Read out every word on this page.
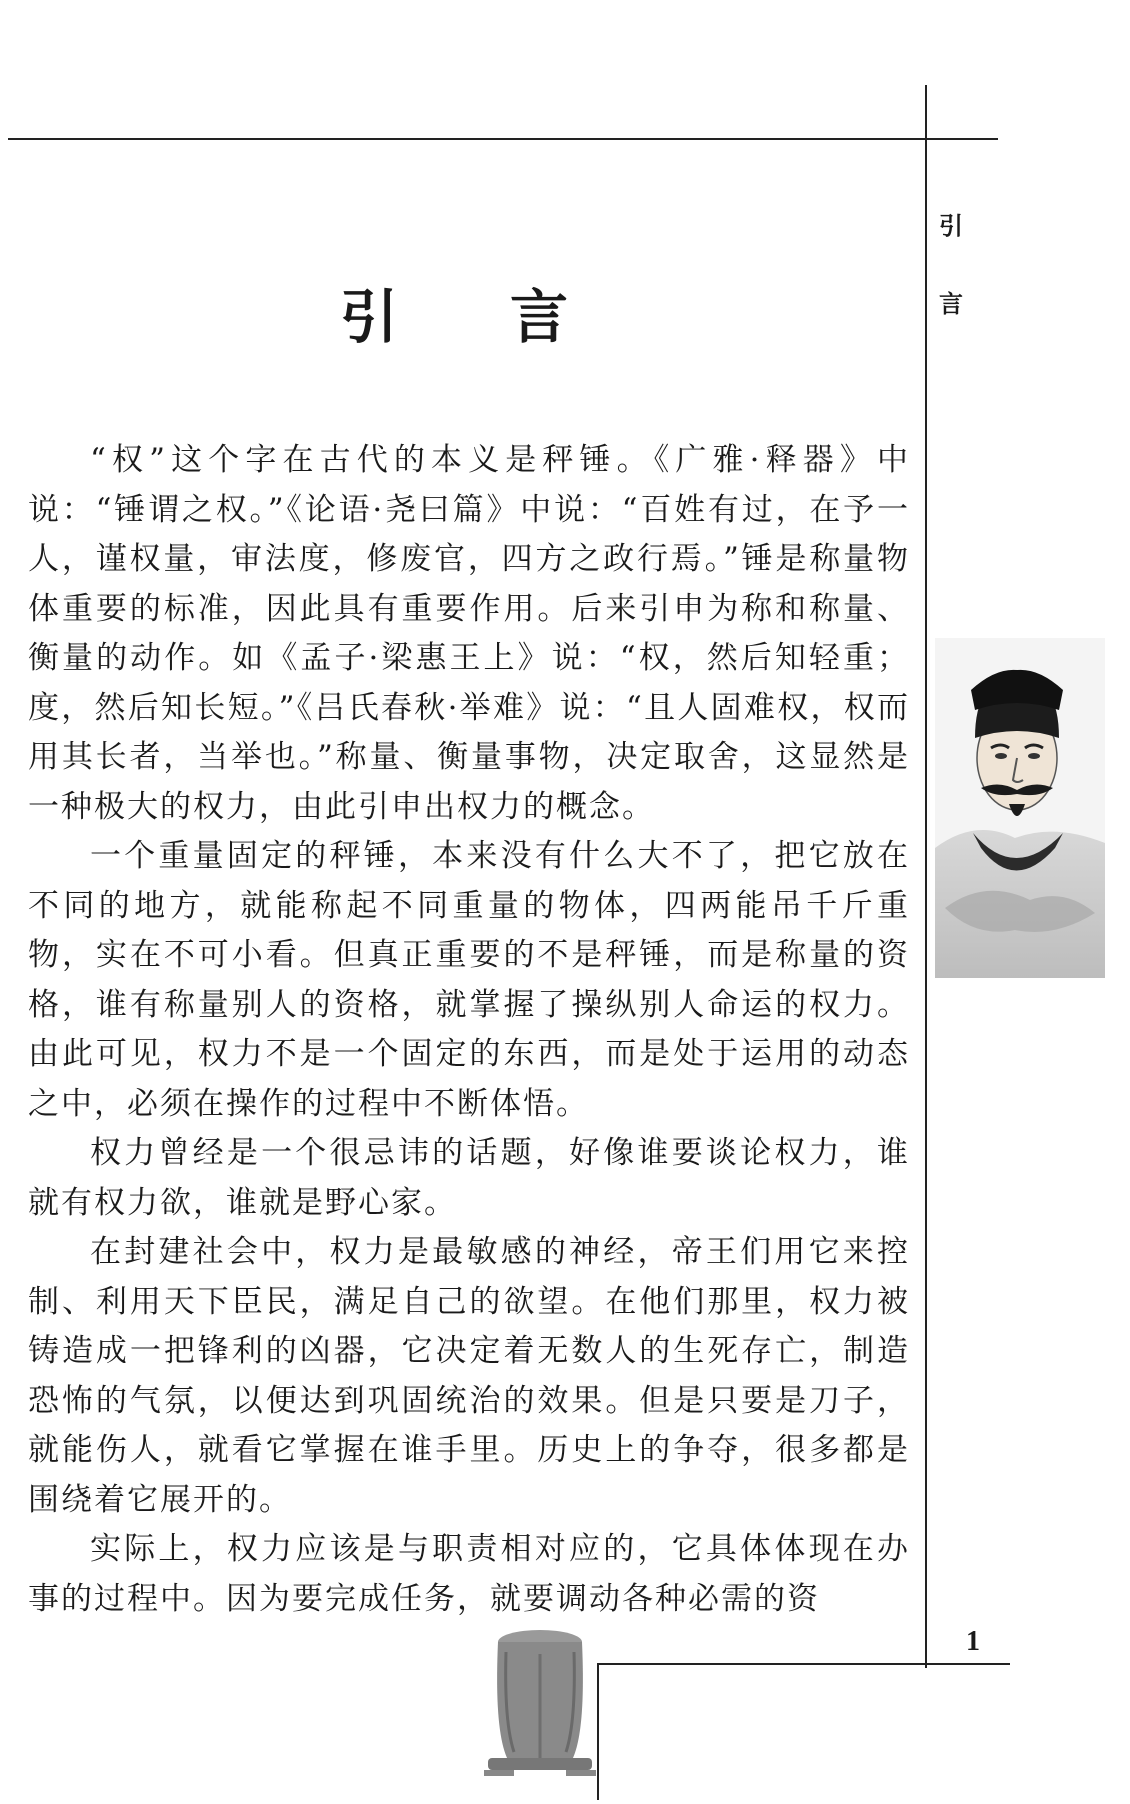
引
言
引 言

“权”这个字在古代的本义是秤锤。《广雅·释器》中说：“锤谓之权。”《论语·尧曰篇》中说：“百姓有过，在予一人，谨权量，审法度，修废官，四方之政行焉。”锤是称量物体重要的标准，因此具有重要作用。后来引申为称和称量、衡量的动作。如《孟子·梁惠王上》说：“权，然后知轻重；度，然后知长短。”《吕氏春秋·举难》说：“且人固难权，权而用其长者，当举也。”称量、衡量事物，决定取舍，这显然是一种极大的权力，由此引申出权力的概念。

一个重量固定的秤锤，本来没有什么大不了，把它放在不同的地方，就能称起不同重量的物体，四两能吊千斤重物，实在不可小看。但真正重要的不是秤锤，而是称量的资格，谁有称量别人的资格，就掌握了操纵别人命运的权力。由此可见，权力不是一个固定的东西，而是处于运用的动态之中，必须在操作的过程中不断体悟。

权力曾经是一个很忌讳的话题，好像谁要谈论权力，谁就有权力欲，谁就是野心家。

在封建社会中，权力是最敏感的神经，帝王们用它来控制、利用天下臣民，满足自己的欲望。在他们那里，权力被铸造成一把锋利的凶器，它决定着无数人的生死存亡，制造恐怖的气氛，以便达到巩固统治的效果。但是只要是刀子，就能伤人，就看它掌握在谁手里。历史上的争夺，很多都是围绕着它展开的。

实际上，权力应该是与职责相对应的，它具体体现在办事的过程中。因为要完成任务，就要调动各种必需的资

1
